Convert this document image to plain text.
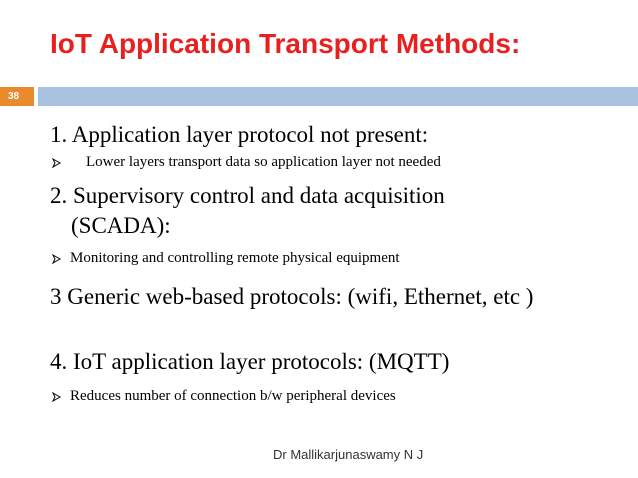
IoT Application Transport Methods:
38
1. Application layer protocol not present:
Lower layers transport data so application layer not needed
2. Supervisory control and data acquisition
(SCADA):
Monitoring and controlling remote physical equipment
3 Generic web-based protocols: (wifi, Ethernet, etc )
4. IoT application layer protocols: (MQTT)
Reduces number of connection b/w peripheral devices
Dr Mallikarjunaswamy N J
